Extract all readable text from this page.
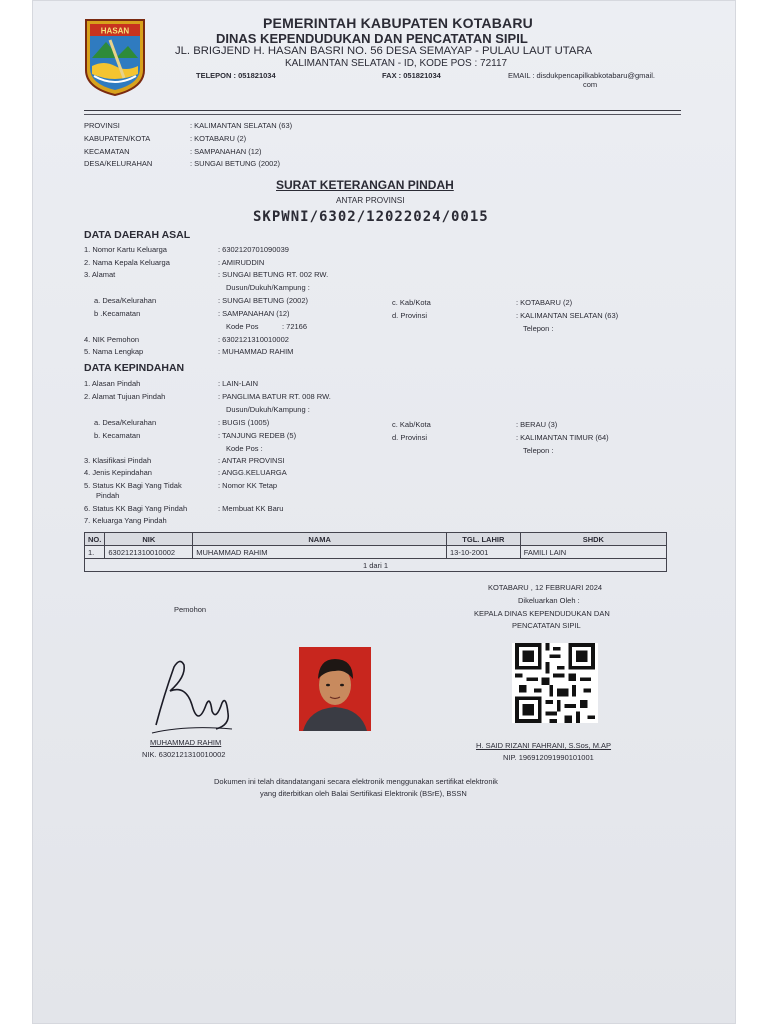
HASAN	PEMERINTAH KABUPATEN KOTABARU
DINAS KEPENDUDUKAN DAN PENCATATAN SIPIL
JL. BRIGJEND H. HASAN BASRI NO. 56 DESA SEMAYAP - PULAU LAUT UTARA
KALIMANTAN SELATAN - ID, KODE POS : 72117
TELEPON : 051821034	FAX : 051821034	EMAIL : disdukpencapilkabkotabaru@gmail.
com
PROVINSI	: KALIMANTAN SELATAN (63)
KABUPATEN/KOTA	: KOTABARU (2)
KECAMATAN	: SAMPANAHAN (12)
DESA/KELURAHAN	: SUNGAI BETUNG (2002)
SURAT KETERANGAN PINDAH
ANTAR PROVINSI
SKPWNI/6302/12022024/0015
DATA DAERAH ASAL
1. Nomor Kartu Keluarga	: 6302120701090039
2. Nama Kepala Keluarga	: AMIRUDDIN
3. Alamat	: SUNGAI BETUNG RT. 002 RW.
Dusun/Dukuh/Kampung :
a. Desa/Kelurahan	: SUNGAI BETUNG (2002)	c. Kab/Kota	: KOTABARU (2)
b .Kecamatan	: SAMPANAHAN (12)	d. Provinsi	: KALIMANTAN SELATAN (63)
Kode Pos	: 72166	Telepon :
4. NIK Pemohon	: 6302121310010002
5. Nama Lengkap	: MUHAMMAD RAHIM
DATA KEPINDAHAN
1. Alasan Pindah	: LAIN-LAIN
2. Alamat Tujuan Pindah	: PANGLIMA BATUR RT. 008 RW.
Dusun/Dukuh/Kampung :
a. Desa/Kelurahan	: BUGIS (1005)	c. Kab/Kota	: BERAU (3)
b. Kecamatan	: TANJUNG REDEB (5)	d. Provinsi	: KALIMANTAN TIMUR (64)
Kode Pos :	Telepon :
3. Klasifikasi Pindah	: ANTAR PROVINSI
4. Jenis Kepindahan	: ANGG.KELUARGA
5. Status KK Bagi Yang Tidak
Pindah
: Nomor KK Tetap
6. Status KK Bagi Yang Pindah	: Membuat KK Baru
7. Keluarga Yang Pindah
NO.	NIK	NAMA	TGL. LAHIR	SHDK
1.	6302121310010002	MUHAMMAD RAHIM	13-10-2001	FAMILI LAIN
1 dari 1				
KOTABARU , 12 FEBRUARI 2024
Dikeluarkan Oleh :
KEPALA DINAS KEPENDUDUKAN DAN
PENCATATAN SIPIL
Pemohon
MUHAMMAD RAHIM
NIK. 6302121310010002
H. SAID RIZANI FAHRANI, S.Sos, M.AP
NIP. 196912091990101001
Dokumen ini telah ditandatangani secara elektronik menggunakan sertifikat elektronik
yang diterbitkan oleh Balai Sertifikasi Elektronik (BSrE), BSSN
